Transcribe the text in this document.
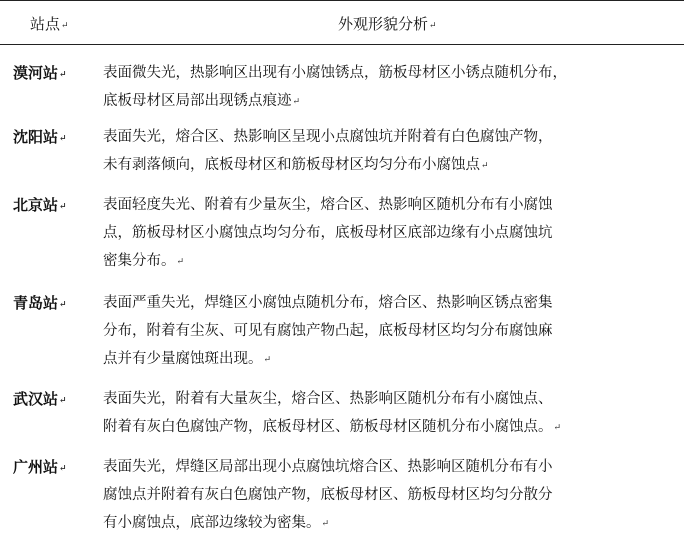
站点↵	外观形貌分析↵
漠河站↵	表面微失光，热影响区出现有小腐蚀锈点，筋板母材区小锈点随机分布，
底板母材区局部出现锈点痕迹↵
沈阳站↵	表面失光，熔合区、热影响区呈现小点腐蚀坑并附着有白色腐蚀产物，
未有剥落倾向，底板母材区和筋板母材区均匀分布小腐蚀点↵
北京站↵	表面轻度失光、附着有少量灰尘，熔合区、热影响区随机分布有小腐蚀
点，筋板母材区小腐蚀点均匀分布，底板母材区底部边缘有小点腐蚀坑
密集分布。↵
青岛站↵	表面严重失光，焊缝区小腐蚀点随机分布，熔合区、热影响区锈点密集
分布，附着有尘灰、可见有腐蚀产物凸起，底板母材区均匀分布腐蚀麻
点并有少量腐蚀斑出现。↵
武汉站↵	表面失光，附着有大量灰尘，熔合区、热影响区随机分布有小腐蚀点、
附着有灰白色腐蚀产物，底板母材区、筋板母材区随机分布小腐蚀点。↵
广州站↵	表面失光，焊缝区局部出现小点腐蚀坑熔合区、热影响区随机分布有小
腐蚀点并附着有灰白色腐蚀产物，底板母材区、筋板母材区均匀分散分
有小腐蚀点，底部边缘较为密集。↵
